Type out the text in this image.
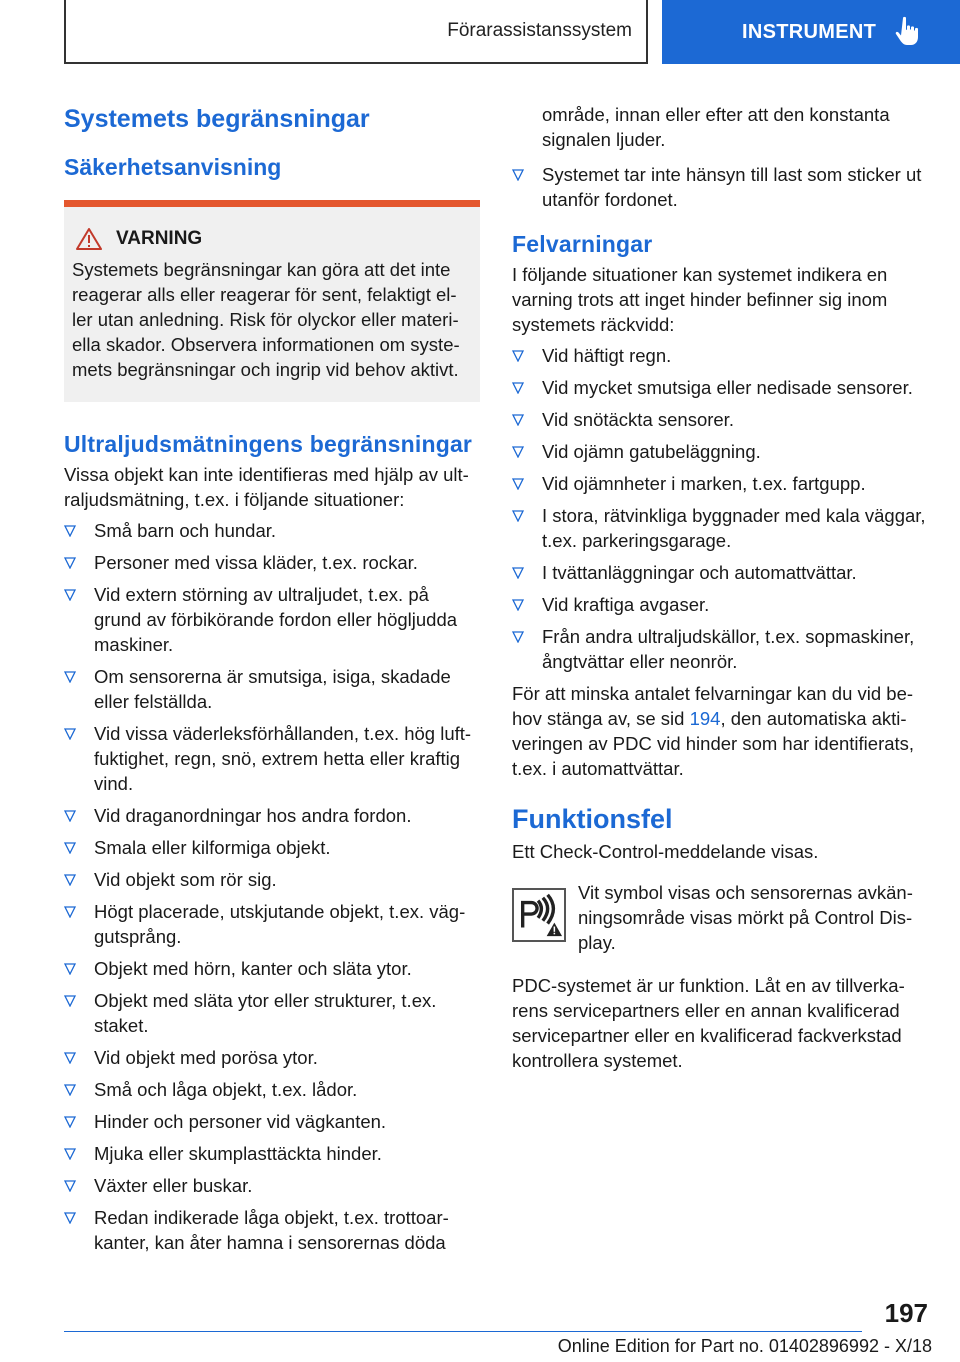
Förarassistanssystem	INSTRUMENT
Systemets begränsningar
Säkerhetsanvisning
VARNING

Systemets begränsningar kan göra att det inte reagerar alls eller reagerar för sent, felaktigt eller utan anledning. Risk för olyckor eller materiella skador. Observera informationen om systemets begränsningar och ingrip vid behov aktivt.

Ultraljudsmätningens begränsningar

Vissa objekt kan inte identifieras med hjälp av ultraljudsmätning, t.ex. i följande situationer:

Små barn och hundar.
Personer med vissa kläder, t.ex. rockar.
Vid extern störning av ultraljudet, t.ex. på grund av förbikörande fordon eller högljudda maskiner.
Om sensorerna är smutsiga, isiga, skadade eller felställda.
Vid vissa väderleksförhållanden, t.ex. hög luftfuktighet, regn, snö, extrem hetta eller kraftig vind.
Vid draganordningar hos andra fordon.
Smala eller kilformiga objekt.
Vid objekt som rör sig.
Högt placerade, utskjutande objekt, t.ex. väggutsprång.
Objekt med hörn, kanter och släta ytor.
Objekt med släta ytor eller strukturer, t.ex. staket.
Vid objekt med porösa ytor.
Små och låga objekt, t.ex. lådor.
Hinder och personer vid vägkanten.
Mjuka eller skumplasttäckta hinder.
Växter eller buskar.
Redan indikerade låga objekt, t.ex. trottoarkanter, kan åter hamna i sensorernas döda
område, innan eller efter att den konstanta signalen ljuder.
Systemet tar inte hänsyn till last som sticker ut utanför fordonet.
Felvarningar

I följande situationer kan systemet indikera en varning trots att inget hinder befinner sig inom systemets räckvidd:

Vid häftigt regn.
Vid mycket smutsiga eller nedisade sensorer.
Vid snötäckta sensorer.
Vid ojämn gatubeläggning.
Vid ojämnheter i marken, t.ex. fartgupp.
I stora, rätvinkliga byggnader med kala väggar, t.ex. parkeringsgarage.
I tvättanläggningar och automattvättar.
Vid kraftiga avgaser.
Från andra ultraljudskällor, t.ex. sopmaskiner, ångtvättar eller neonrör.

För att minska antalet felvarningar kan du vid behov stänga av, se sid 194, den automatiska aktiveringen av PDC vid hinder som har identifierats, t.ex. i automattvättar.

Funktionsfel

Ett Check-Control-meddelande visas.

Vit symbol visas och sensorernas avkänningsområde visas mörkt på Control Display.

PDC-systemet är ur funktion. Låt en av tillverkarens servicepartners eller en annan kvalificerad servicepartner eller en kvalificerad fackverkstad kontrollera systemet.

197
Online Edition for Part no. 01402896992 - X/18
